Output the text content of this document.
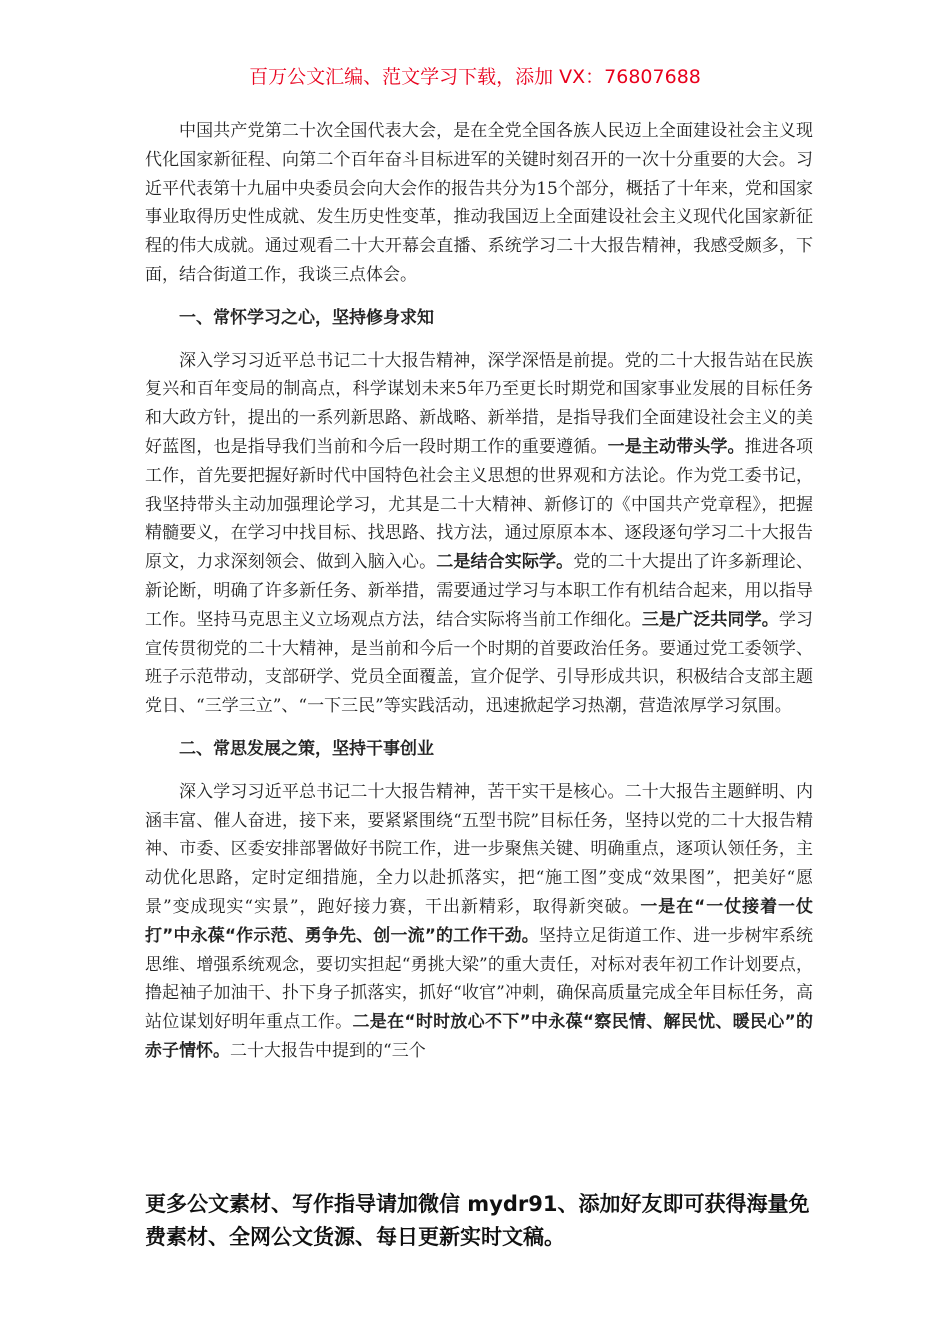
百万公文汇编、范文学习下载，添加 VX：76807688

中国共产党第二十次全国代表大会，是在全党全国各族人民迈上全面建设社会主义现代化国家新征程、向第二个百年奋斗目标进军的关键时刻召开的一次十分重要的大会。习近平代表第十九届中央委员会向大会作的报告共分为15个部分，概括了十年来，党和国家事业取得历史性成就、发生历史性变革，推动我国迈上全面建设社会主义现代化国家新征程的伟大成就。通过观看二十大开幕会直播、系统学习二十大报告精神，我感受颇多，下面，结合街道工作，我谈三点体会。

一、常怀学习之心，坚持修身求知

深入学习习近平总书记二十大报告精神，深学深悟是前提。党的二十大报告站在民族复兴和百年变局的制高点，科学谋划未来5年乃至更长时期党和国家事业发展的目标任务和大政方针，提出的一系列新思路、新战略、新举措，是指导我们全面建设社会主义的美好蓝图，也是指导我们当前和今后一段时期工作的重要遵循。一是主动带头学。推进各项工作，首先要把握好新时代中国特色社会主义思想的世界观和方法论。作为党工委书记，我坚持带头主动加强理论学习，尤其是二十大精神、新修订的《中国共产党章程》，把握精髓要义，在学习中找目标、找思路、找方法，通过原原本本、逐段逐句学习二十大报告原文，力求深刻领会、做到入脑入心。二是结合实际学。党的二十大提出了许多新理论、新论断，明确了许多新任务、新举措，需要通过学习与本职工作有机结合起来，用以指导工作。坚持马克思主义立场观点方法，结合实际将当前工作细化。三是广泛共同学。学习宣传贯彻党的二十大精神，是当前和今后一个时期的首要政治任务。要通过党工委领学、班子示范带动，支部研学、党员全面覆盖，宣介促学、引导形成共识，积极结合支部主题党日、“三学三立”、“一下三民”等实践活动，迅速掀起学习热潮，营造浓厚学习氛围。

二、常思发展之策，坚持干事创业

深入学习习近平总书记二十大报告精神，苦干实干是核心。二十大报告主题鲜明、内涵丰富、催人奋进，接下来，要紧紧围绕“五型书院”目标任务，坚持以党的二十大报告精神、市委、区委安排部署做好书院工作，进一步聚焦关键、明确重点，逐项认领任务，主动优化思路，定时定细措施，全力以赴抓落实，把“施工图”变成“效果图”，把美好“愿景”变成现实“实景”，跑好接力赛，干出新精彩，取得新突破。一是在“一仗接着一仗打”中永葆“作示范、勇争先、创一流”的工作干劲。坚持立足街道工作、进一步树牢系统思维、增强系统观念，要切实担起“勇挑大梁”的重大责任，对标对表年初工作计划要点，撸起袖子加油干、扑下身子抓落实，抓好“收官”冲刺，确保高质量完成全年目标任务，高站位谋划好明年重点工作。二是在“时时放心不下”中永葆“察民情、解民忧、暖民心”的赤子情怀。二十大报告中提到的“三个

更多公文素材、写作指导请加微信 mydr91、添加好友即可获得海量免费素材、全网公文货源、每日更新实时文稿。
